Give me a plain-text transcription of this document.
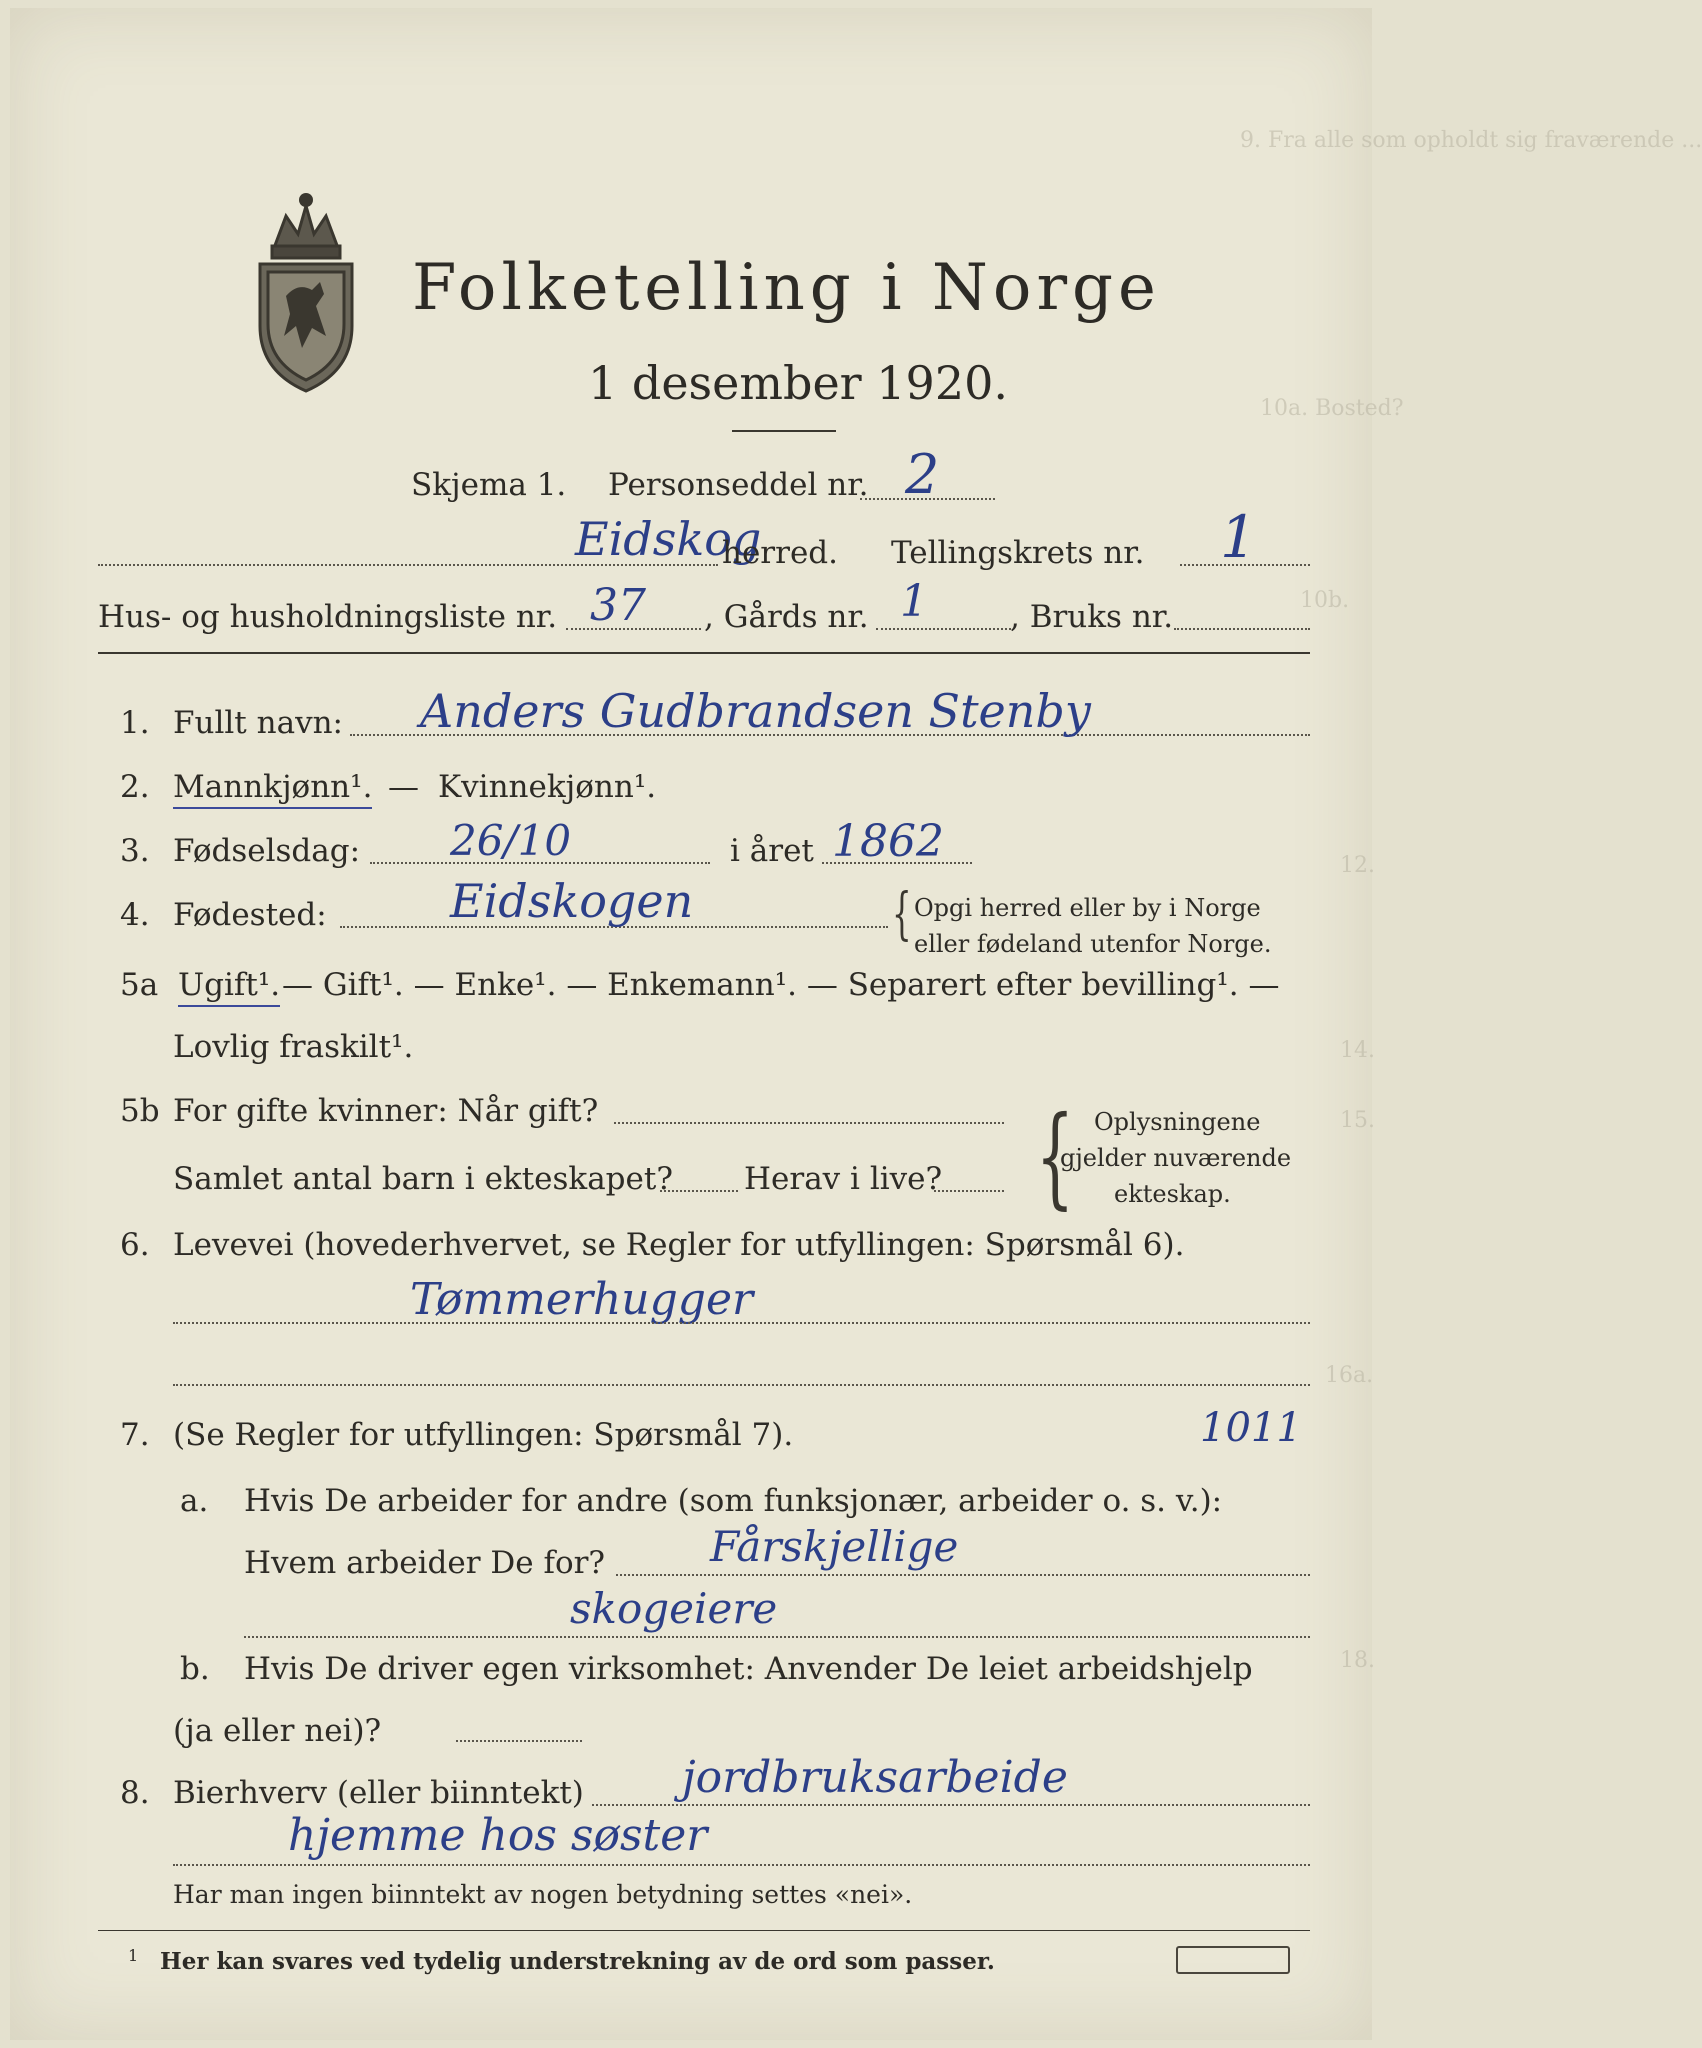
9. Fra alle som opholdt sig fraværende ...
10a. Bosted?
10b.
12.
14.
15.
16a.
18.
Folketelling i Norge
1 desember 1920.
Skjema 1. Personseddel nr. 2
Eidskog
herred. Tellingskrets nr. 1
Hus- og husholdningsliste nr. 37 , Gårds nr. 1	, Bruks nr.
1. Fullt navn: Anders Gudbrandsen Stenby
2. Mannkjønn¹. — Kvinnekjønn¹.
3. Fødselsdag: 26/10	i året 1862
4. Fødested:	Eidskogen	{ Opgi herred eller by i Norge
eller fødeland utenfor Norge.
5a Ugift¹. — Gift¹. — Enke¹. — Enkemann¹. — Separert efter bevilling¹. —
Lovlig fraskilt¹.
5b For gifte kvinner: Når gift?
Samlet antal barn i ekteskapet? Herav i live? { Oplysningene
gjelder nuværende
ekteskap.
6. Levevei (hovederhvervet, se Regler for utfyllingen: Spørsmål 6).
Tømmerhugger
7. (Se Regler for utfyllingen: Spørsmål 7).	1011
a. Hvis De arbeider for andre (som funksjonær, arbeider o. s. v.):
Hvem arbeider De for? Fårskjellige
skogeiere
b. Hvis De driver egen virksomhet: Anvender De leiet arbeidshjelp
(ja eller nei)?
8. Bierhverv (eller biinntekt) jordbruksarbeide
hjemme hos søster
Har man ingen biinntekt av nogen betydning settes «nei».
1 Her kan svares ved tydelig understrekning av de ord som passer.
